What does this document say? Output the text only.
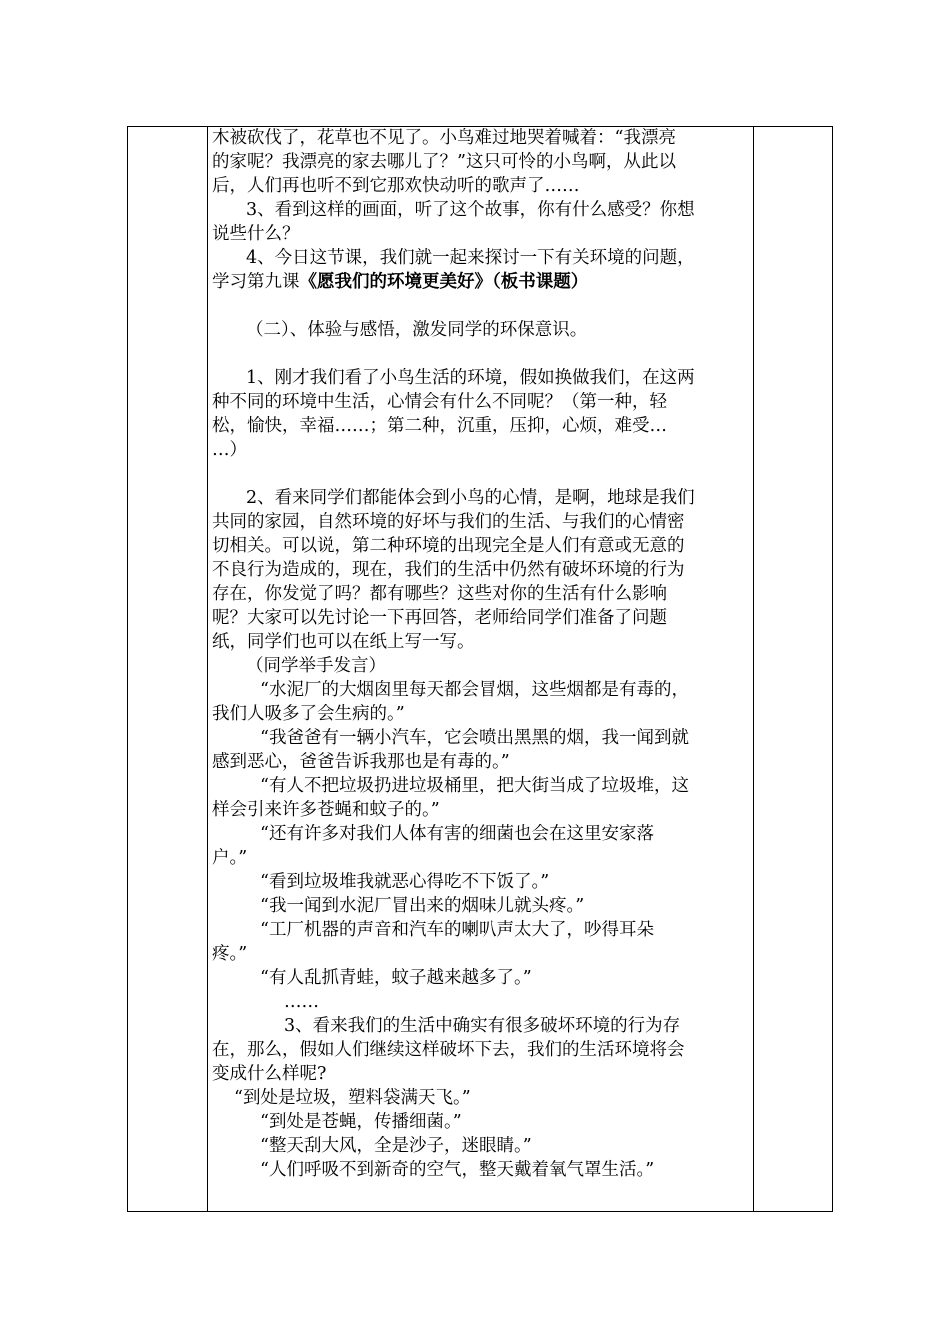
木被砍伐了，花草也不见了。小鸟难过地哭着喊着：“我漂亮

的家呢？我漂亮的家去哪儿了？”这只可怜的小鸟啊，从此以

后，人们再也听不到它那欢快动听的歌声了……

3、看到这样的画面，听了这个故事，你有什么感受？你想

说些什么？

4、今日这节课，我们就一起来探讨一下有关环境的问题，

学习第九课《愿我们的环境更美好》（板书课题）

（二）、体验与感悟，激发同学的环保意识。

1、刚才我们看了小鸟生活的环境，假如换做我们，在这两

种不同的环境中生活，心情会有什么不同呢？（第一种，轻

松，愉快，幸福……；第二种，沉重，压抑，心烦，难受…

…）

2、看来同学们都能体会到小鸟的心情，是啊，地球是我们

共同的家园，自然环境的好坏与我们的生活、与我们的心情密

切相关。可以说，第二种环境的出现完全是人们有意或无意的

不良行为造成的，现在，我们的生活中仍然有破坏环境的行为

存在，你发觉了吗？都有哪些？这些对你的生活有什么影响

呢？大家可以先讨论一下再回答，老师给同学们准备了问题

纸，同学们也可以在纸上写一写。

（同学举手发言）

“水泥厂的大烟囱里每天都会冒烟，这些烟都是有毒的，

我们人吸多了会生病的。”

“我爸爸有一辆小汽车，它会喷出黑黑的烟，我一闻到就

感到恶心，爸爸告诉我那也是有毒的。”

“有人不把垃圾扔进垃圾桶里，把大街当成了垃圾堆，这

样会引来许多苍蝇和蚊子的。”

“还有许多对我们人体有害的细菌也会在这里安家落

户。”

“看到垃圾堆我就恶心得吃不下饭了。”

“我一闻到水泥厂冒出来的烟味儿就头疼。”

“工厂机器的声音和汽车的喇叭声太大了，吵得耳朵

疼。”

“有人乱抓青蛙，蚊子越来越多了。”

……

3、看来我们的生活中确实有很多破坏环境的行为存

在，那么，假如人们继续这样破坏下去，我们的生活环境将会

变成什么样呢?

“到处是垃圾，塑料袋满天飞。”

“到处是苍蝇，传播细菌。”

“整天刮大风，全是沙子，迷眼睛。”

“人们呼吸不到新奇的空气，整天戴着氧气罩生活。”
